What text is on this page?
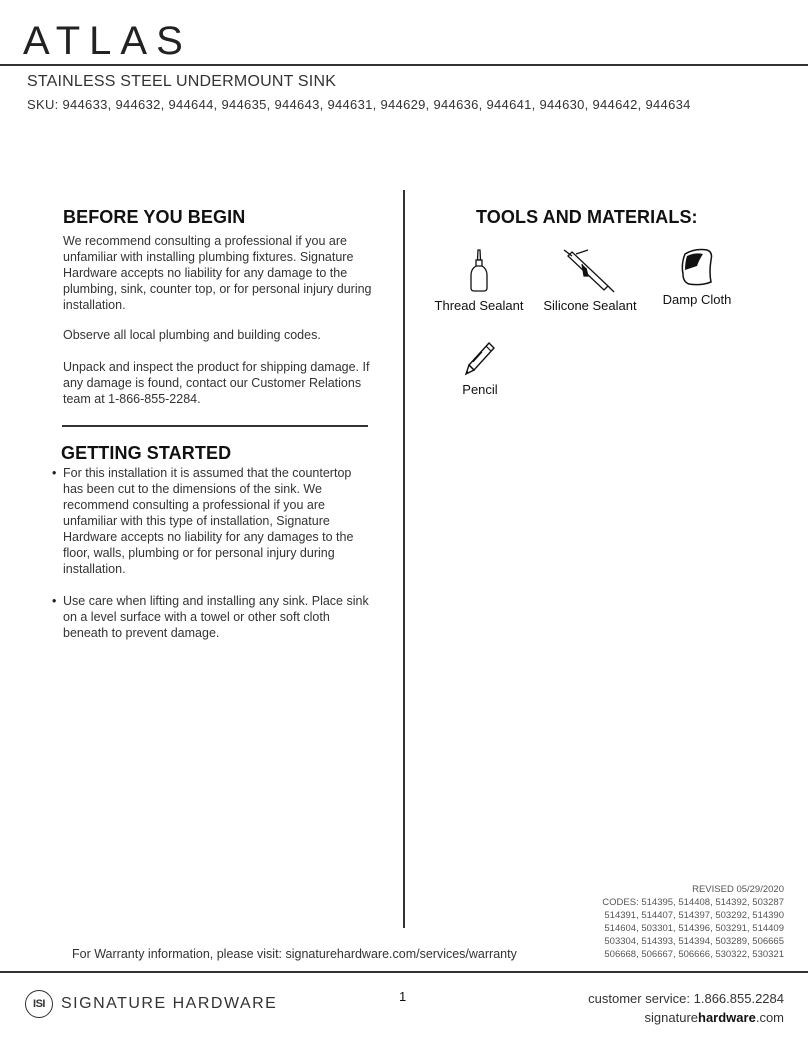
ATLAS
STAINLESS STEEL UNDERMOUNT SINK
SKU: 944633, 944632, 944644, 944635, 944643, 944631, 944629, 944636, 944641, 944630, 944642, 944634
BEFORE YOU BEGIN
We recommend consulting a professional if you are unfamiliar with installing plumbing fixtures. Signature Hardware accepts no liability for any damage to the plumbing, sink, counter top, or for personal injury during installation.
Observe all local plumbing and building codes.
Unpack and inspect the product for shipping damage. If any damage is found, contact our Customer Relations team at 1-866-855-2284.
GETTING STARTED
• For this installation it is assumed that the countertop has been cut to the dimensions of the sink. We recommend consulting a professional if you are unfamiliar with this type of installation, Signature Hardware accepts no liability for any damages to the floor, walls, plumbing or for personal injury during installation.
• Use care when lifting and installing any sink. Place sink on a level surface with a towel or other soft cloth beneath to prevent damage.
TOOLS AND MATERIALS:
Thread Sealant	Silicone Sealant	Damp Cloth
Pencil
REVISED 05/29/2020
CODES: 514395, 514408, 514392, 503287
514391, 514407, 514397, 503292, 514390
514604, 503301, 514396, 503291, 514409
503304, 514393, 514394, 503289, 506665
506668, 506667, 506666, 530322, 530321
For Warranty information, please visit: signaturehardware.com/services/warranty
ISI	SIGNATURE HARDWARE	1	customer service: 1.866.855.2284
signaturehardware.com
